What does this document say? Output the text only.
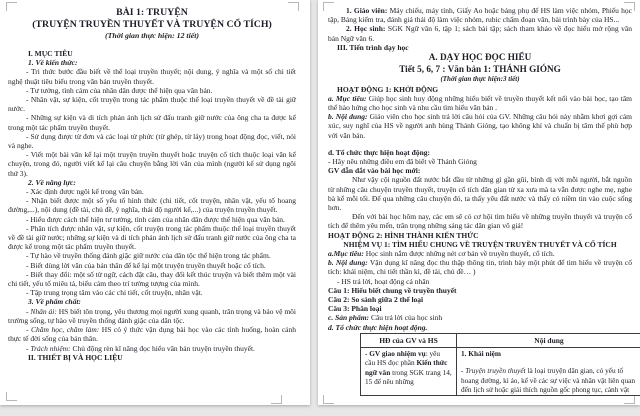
BÀI 1: TRUYỆN
(TRUYỆN TRUYỀN THUYẾT VÀ TRUYỆN CỔ TÍCH)
(Thời gian thực hiện: 12 tiết)

I. MỤC TIÊU
1. Về kiến thức:
- Tri thức bước đầu biết về thể loại truyền thuyết; nội dung, ý nghĩa và một số chi tiết nghệ thuật tiêu biểu trong văn bản truyền thuyết.
- Tư tưởng, tình cảm của nhân dân được thể hiện qua văn bản.
- Nhân vật, sự kiện, cốt truyện trong tác phẩm thuộc thể loại truyền thuyết về đề tài giữ nước.
- Những sự kiện và di tích phản ánh lịch sử đấu tranh giữ nước của ông cha ta được kể trong một tác phẩm truyền thuyết.
- Sử dụng được từ đơn và các loại từ phức (từ ghép, từ láy) trong hoạt động đọc, viết, nói và nghe.
- Viết một bài văn kể lại một truyện truyền thuyết hoặc truyện cổ tích thuộc loại văn kể chuyện, trong đó, người viết kể lại câu chuyện bằng lời văn của mình (người kể sử dụng ngôi thứ 3).
2. Về năng lực:
- Xác định được ngôi kể trong văn bản.
- Nhận biết được một số yếu tố hình thức (chi tiết, cốt truyện, nhân vật, yếu tố hoang đường,...), nội dung (đề tài, chủ đề, ý nghĩa, thái độ người kể,...) của truyện truyền thuyết.
- Hiểu được cách thể hiện tư tưởng, tình cảm của nhân dân được thể hiện qua văn bản.
- Phân tích được nhân vật, sự kiện, cốt truyện trong tác phẩm thuộc thể loại truyền thuyết về đề tài giữ nước; những sự kiện và di tích phản ánh lịch sử đấu tranh giữ nước của ông cha ta được kể trong một tác phẩm truyền thuyết.
- Tự hào về truyền thống đánh giặc giữ nước của dân tộc thể hiện trong tác phẩm.
- Biết dùng lời văn của bản thân để kể lại một truyện truyền thuyết hoặc cổ tích.
- Biết thay đổi: một số từ ngữ, cách đặt câu, thay đổi kết thúc truyện và biết thêm một vài chi tiết, yếu tố miêu tả, biểu cảm theo trí tưởng tượng của mình.
- Tập trung trọng tâm vào các chi tiết, cốt truyện, nhân vật.
3. Về phẩm chất:
- Nhân ái: HS biết tôn trọng, yêu thương mọi người xung quanh, trân trọng và bảo vệ môi trường sống, tự hào về truyền thống đánh giặc của dân tộc.
- Chăm học, chăm làm: HS có ý thức vận dụng bài học vào các tình huống, hoàn cảnh thực tế đời sống của bản thân.
- Trách nhiệm: Chủ động rèn kĩ năng đọc hiểu văn bản truyện truyền thuyết.
II. THIẾT BỊ VÀ HỌC LIỆU
1. Giáo viên: Máy chiếu, máy tính, Giấy Ao hoặc bảng phụ để HS làm việc nhóm, Phiếu học tập, Bảng kiểm tra, đánh giá thái độ làm việc nhóm, rubic chấm đoạn văn, bài trình bày của HS...
2. Học sinh: SGK Ngữ văn 6, tập 1; sách bài tập; sách tham khảo về đọc hiểu mở rộng văn bản Ngữ văn 6.
III. Tiến trình dạy học
A. DẠY HỌC ĐỌC HIỂU
Tiết 5, 6, 7 : Văn bản 1: THÁNH GIÓNG
(Thời gian thực hiện:3 tiết)
HOẠT ĐỘNG 1: KHỞI ĐỘNG
a. Mục tiêu: Giúp học sinh huy động những hiểu biết về truyền thuyết kết nối vào bài học, tạo tâm thế hào hứng cho học sinh và nhu cầu tìm hiểu văn bản .
b. Nội dung: Giáo viên cho học sinh trả lời câu hỏi của GV. Những câu hỏi này nhằm khơi gợi cảm xúc, suy nghĩ của HS về người anh hùng Thánh Gióng, tạo không khí và chuẩn bị tâm thế phù hợp với văn bản.

d. Tổ chức thực hiện hoạt động:
- Hãy nêu những điều em đã biết về Thánh Gióng
GV dẫn dắt vào bài học mới:
Như vậy cội nguồn đất nước bắt đầu từ những gì gần gũi, bình dị với mỗi người, bắt nguồn từ những câu chuyện truyền thuyết, truyện cổ tích dân gian từ xa xưa mà ta vẫn được nghe mẹ, nghe bà kể mỗi tối. Để qua những câu chuyện đó, ta thấy yêu đất nước và thấy có niềm tin vào cuộc sống hơn.
Đến với bài học hôm nay, các em sẽ có cơ hội tìm hiểu về những truyền thuyết và truyện cổ tích để thêm yêu mến, trân trọng những sáng tác dân gian vô giá!
HOẠT ĐỘNG 2: HÌNH THÀNH KIẾN THỨC
NHIỆM VỤ 1: TÌM HIỂU CHUNG VỀ TRUYỆN TRUYỀN THUYẾT VÀ CỔ TÍCH
a.Mục tiêu: Học sinh nắm được những nét cơ bản về truyền thuyết, cổ tích.
b. Nội dung: Vận dụng kĩ năng đọc thu thập thông tin, trình bày một phút để tìm hiểu về truyện cổ tích: khái niệm, chi tiết thần kì, đề tài, chủ đề… )
- HS trả lời, hoạt động cá nhân
Câu 1: Hiểu biết chung về truyền thuyết
Câu 2: So sánh giữa 2 thể loại
Câu 3: Phân loại
c. Sản phẩm: Câu trả lời của học sinh
d. Tổ chức thực hiện hoạt động.
HĐ của GV và HS	Nội dung

- GV giao nhiệm vụ: yêu cầu HS đọc phần Kiến thức ngữ văn trong SGK trang 14, 15 để nêu những	1. Khái niệm

- Truyện truyền thuyết là loại truyện dân gian, có yếu tố hoang đường, kì ảo, kể về các sự việc và nhân vật liên quan đến lịch sử hoặc giải thích nguồn gốc phong tục, cảnh vật
